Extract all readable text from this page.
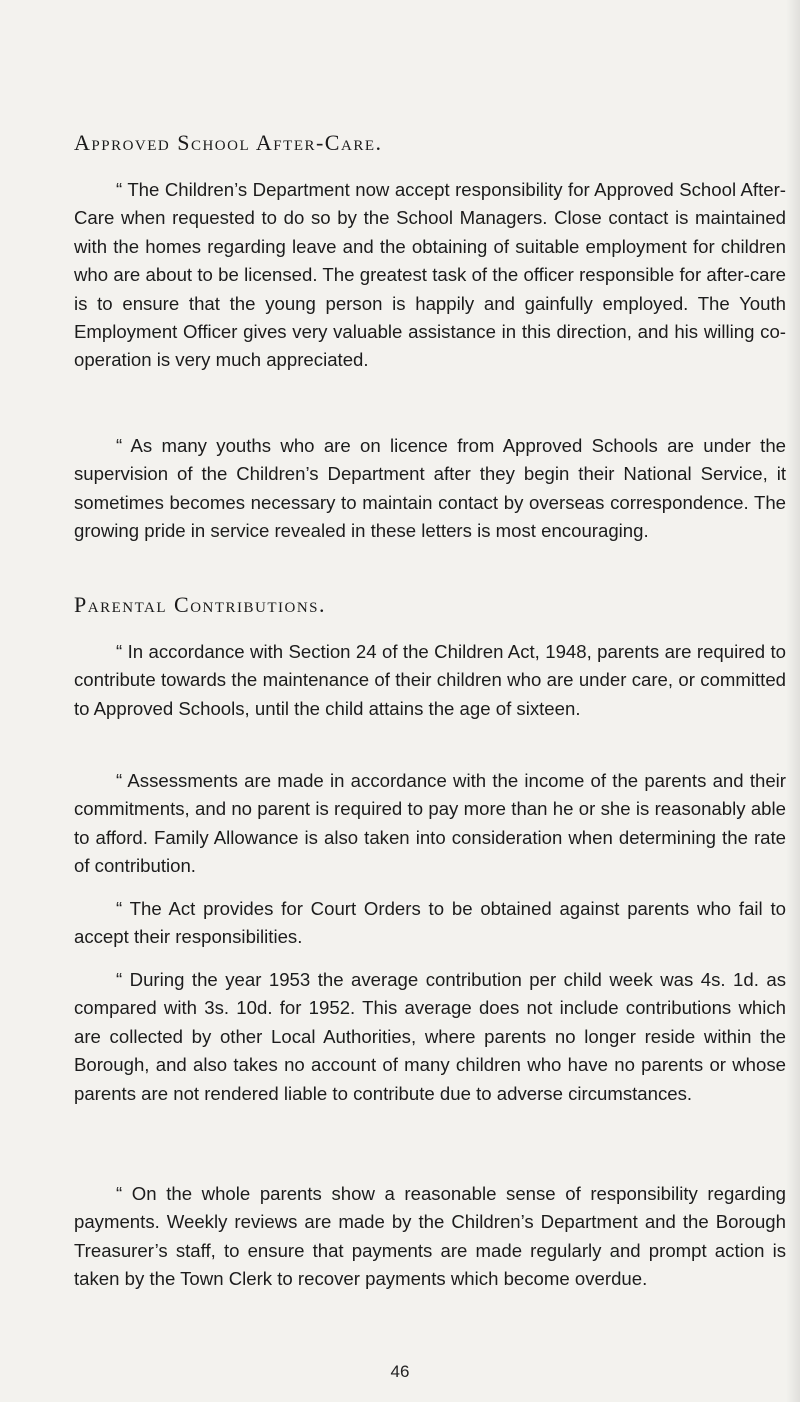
Approved School After-Care.
“ The Children’s Department now accept responsibility for Approved School After-Care when requested to do so by the School Managers. Close contact is maintained with the homes regarding leave and the obtaining of suitable employment for children who are about to be licensed. The greatest task of the officer responsible for after-care is to ensure that the young person is happily and gainfully employed. The Youth Employment Officer gives very valuable assistance in this direction, and his willing co-operation is very much appreciated.
“ As many youths who are on licence from Approved Schools are under the supervision of the Children’s Department after they begin their National Service, it sometimes becomes necessary to maintain contact by overseas correspondence. The growing pride in service revealed in these letters is most encouraging.
Parental Contributions.
“ In accordance with Section 24 of the Children Act, 1948, parents are required to contribute towards the maintenance of their children who are under care, or committed to Approved Schools, until the child attains the age of sixteen.
“ Assessments are made in accordance with the income of the parents and their commitments, and no parent is required to pay more than he or she is reasonably able to afford. Family Allowance is also taken into consideration when determining the rate of contribution.
“ The Act provides for Court Orders to be obtained against parents who fail to accept their responsibilities.
“ During the year 1953 the average contribution per child week was 4s. 1d. as compared with 3s. 10d. for 1952. This average does not include contributions which are collected by other Local Authorities, where parents no longer reside within the Borough, and also takes no account of many children who have no parents or whose parents are not rendered liable to contribute due to adverse circumstances.
“ On the whole parents show a reasonable sense of responsibility regarding payments. Weekly reviews are made by the Children’s Department and the Borough Treasurer’s staff, to ensure that payments are made regularly and prompt action is taken by the Town Clerk to recover payments which become overdue.
46
